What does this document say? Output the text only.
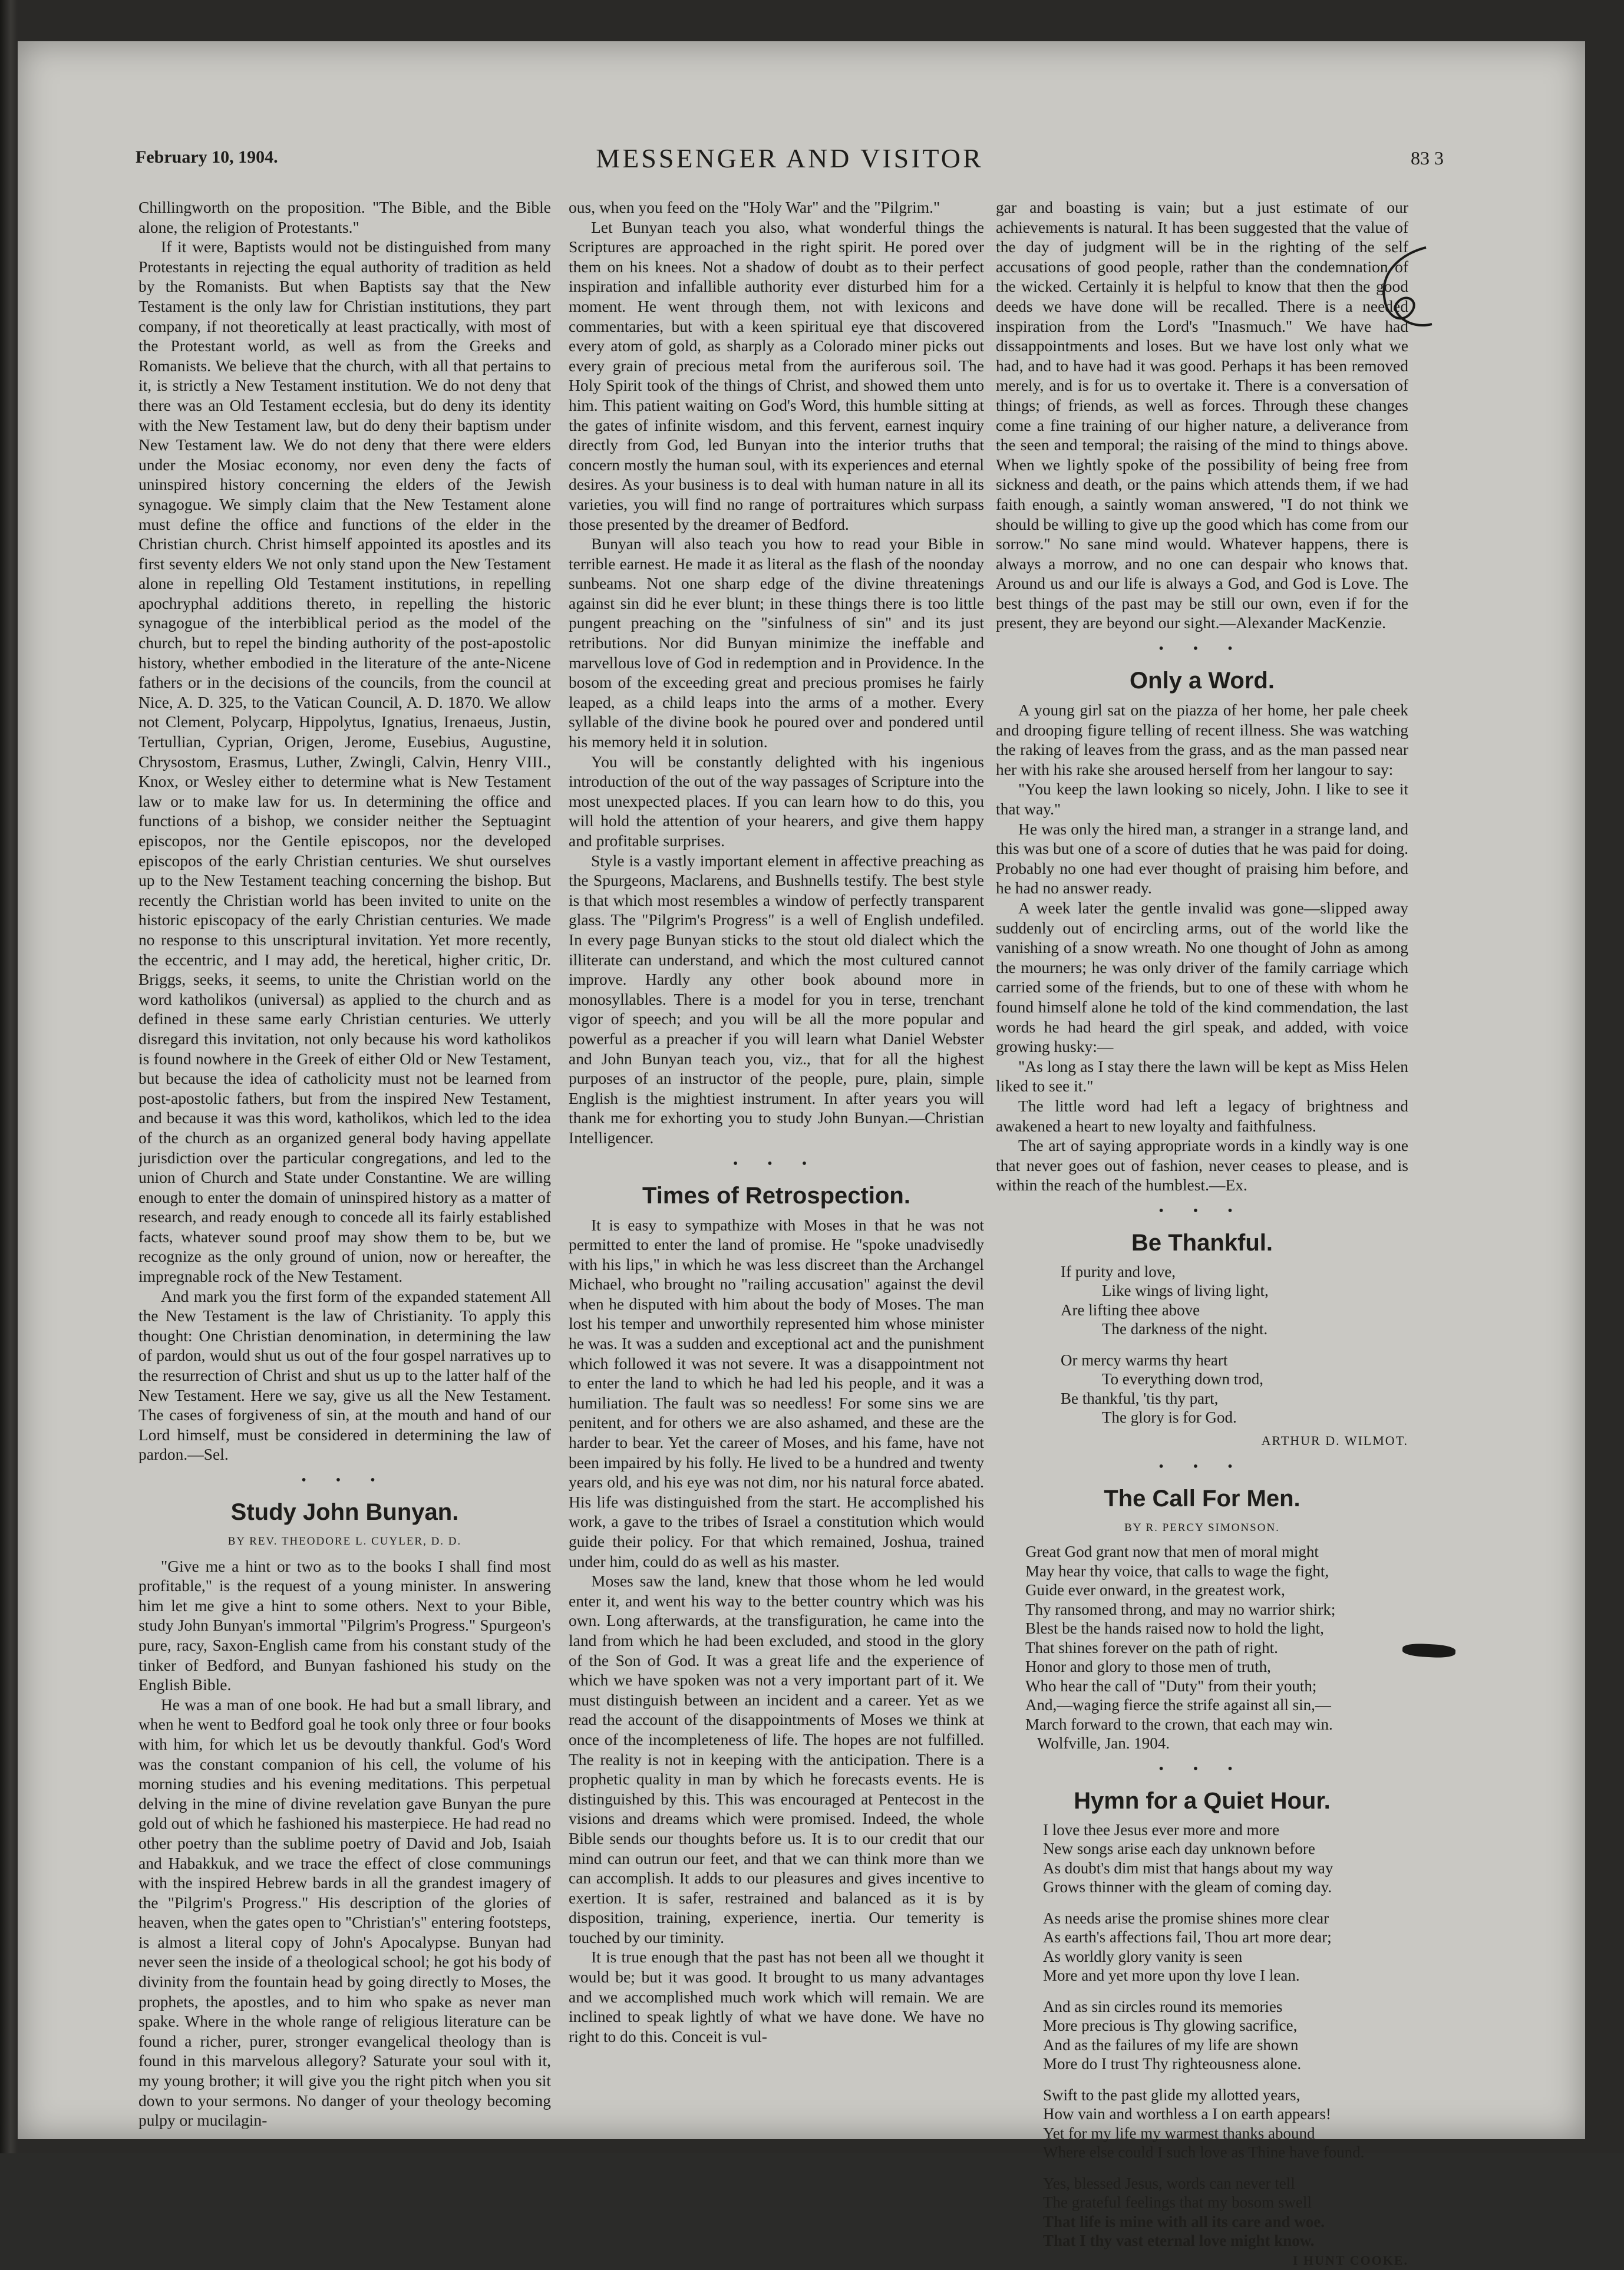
February 10, 1904.	MESSENGER AND VISITOR	83 3

Chillingworth on the proposition. "The Bible, and the Bible alone, the religion of Protestants."

If it were, Baptists would not be distinguished from many Protestants in rejecting the equal authority of tradition as held by the Romanists. But when Baptists say that the New Testament is the only law for Christian institutions, they part company, if not theoretically at least practically, with most of the Protestant world, as well as from the Greeks and Romanists. We believe that the church, with all that pertains to it, is strictly a New Testament institution. We do not deny that there was an Old Testament ecclesia, but do deny its identity with the New Testament law, but do deny their baptism under New Testament law. We do not deny that there were elders under the Mosiac economy, nor even deny the facts of uninspired history concerning the elders of the Jewish synagogue. We simply claim that the New Testament alone must define the office and functions of the elder in the Christian church. Christ himself appointed its apostles and its first seventy elders We not only stand upon the New Testament alone in repelling Old Testament institutions, in repelling apochryphal additions thereto, in repelling the historic synagogue of the interbiblical period as the model of the church, but to repel the binding authority of the post-apostolic history, whether embodied in the literature of the ante-Nicene fathers or in the decisions of the councils, from the council at Nice, A. D. 325, to the Vatican Council, A. D. 1870. We allow not Clement, Polycarp, Hippolytus, Ignatius, Irenaeus, Justin, Tertullian, Cyprian, Origen, Jerome, Eusebius, Augustine, Chrysostom, Erasmus, Luther, Zwingli, Calvin, Henry VIII., Knox, or Wesley either to determine what is New Testament law or to make law for us. In determining the office and functions of a bishop, we consider neither the Septuagint episcopos, nor the Gentile episcopos, nor the developed episcopos of the early Christian centuries. We shut ourselves up to the New Testament teaching concerning the bishop. But recently the Christian world has been invited to unite on the historic episcopacy of the early Christian centuries. We made no response to this unscriptural invitation. Yet more recently, the eccentric, and I may add, the heretical, higher critic, Dr. Briggs, seeks, it seems, to unite the Christian world on the word katholikos (universal) as applied to the church and as defined in these same early Christian centuries. We utterly disregard this invitation, not only because his word katholikos is found nowhere in the Greek of either Old or New Testament, but because the idea of catholicity must not be learned from post-apostolic fathers, but from the inspired New Testament, and because it was this word, katholikos, which led to the idea of the church as an organized general body having appellate jurisdiction over the particular congregations, and led to the union of Church and State under Constantine. We are willing enough to enter the domain of uninspired history as a matter of research, and ready enough to concede all its fairly established facts, whatever sound proof may show them to be, but we recognize as the only ground of union, now or hereafter, the impregnable rock of the New Testament.

And mark you the first form of the expanded statement All the New Testament is the law of Christianity. To apply this thought: One Christian denomination, in determining the law of pardon, would shut us out of the four gospel narratives up to the resurrection of Christ and shut us up to the latter half of the New Testament. Here we say, give us all the New Testament. The cases of forgiveness of sin, at the mouth and hand of our Lord himself, must be considered in determining the law of pardon.—Sel.

• • •
Study John Bunyan.
BY REV. THEODORE L. CUYLER, D. D.

"Give me a hint or two as to the books I shall find most profitable," is the request of a young minister. In answering him let me give a hint to some others. Next to your Bible, study John Bunyan's immortal "Pilgrim's Progress." Spurgeon's pure, racy, Saxon-English came from his constant study of the tinker of Bedford, and Bunyan fashioned his study on the English Bible.

He was a man of one book. He had but a small library, and when he went to Bedford goal he took only three or four books with him, for which let us be devoutly thankful. God's Word was the constant companion of his cell, the volume of his morning studies and his evening meditations. This perpetual delving in the mine of divine revelation gave Bunyan the pure gold out of which he fashioned his masterpiece. He had read no other poetry than the sublime poetry of David and Job, Isaiah and Habakkuk, and we trace the effect of close communings with the inspired Hebrew bards in all the grandest imagery of the "Pilgrim's Progress." His description of the glories of heaven, when the gates open to "Christian's" entering footsteps, is almost a literal copy of John's Apocalypse. Bunyan had never seen the inside of a theological school; he got his body of divinity from the fountain head by going directly to Moses, the prophets, the apostles, and to him who spake as never man spake. Where in the whole range of religious literature can be found a richer, purer, stronger evangelical theology than is found in this marvelous allegory? Saturate your soul with it, my young brother; it will give you the right pitch when you sit down to your sermons. No danger of your theology becoming pulpy or mucilagin-

ous, when you feed on the "Holy War" and the "Pilgrim."

Let Bunyan teach you also, what wonderful things the Scriptures are approached in the right spirit. He pored over them on his knees. Not a shadow of doubt as to their perfect inspiration and infallible authority ever disturbed him for a moment. He went through them, not with lexicons and commentaries, but with a keen spiritual eye that discovered every atom of gold, as sharply as a Colorado miner picks out every grain of precious metal from the auriferous soil. The Holy Spirit took of the things of Christ, and showed them unto him. This patient waiting on God's Word, this humble sitting at the gates of infinite wisdom, and this fervent, earnest inquiry directly from God, led Bunyan into the interior truths that concern mostly the human soul, with its experiences and eternal desires. As your business is to deal with human nature in all its varieties, you will find no range of portraitures which surpass those presented by the dreamer of Bedford.

Bunyan will also teach you how to read your Bible in terrible earnest. He made it as literal as the flash of the noonday sunbeams. Not one sharp edge of the divine threatenings against sin did he ever blunt; in these things there is too little pungent preaching on the "sinfulness of sin" and its just retributions. Nor did Bunyan minimize the ineffable and marvellous love of God in redemption and in Providence. In the bosom of the exceeding great and precious promises he fairly leaped, as a child leaps into the arms of a mother. Every syllable of the divine book he poured over and pondered until his memory held it in solution.

You will be constantly delighted with his ingenious introduction of the out of the way passages of Scripture into the most unexpected places. If you can learn how to do this, you will hold the attention of your hearers, and give them happy and profitable surprises.

Style is a vastly important element in affective preaching as the Spurgeons, Maclarens, and Bushnells testify. The best style is that which most resembles a window of perfectly transparent glass. The "Pilgrim's Progress" is a well of English undefiled. In every page Bunyan sticks to the stout old dialect which the illiterate can understand, and which the most cultured cannot improve. Hardly any other book abound more in monosyllables. There is a model for you in terse, trenchant vigor of speech; and you will be all the more popular and powerful as a preacher if you will learn what Daniel Webster and John Bunyan teach you, viz., that for all the highest purposes of an instructor of the people, pure, plain, simple English is the mightiest instrument. In after years you will thank me for exhorting you to study John Bunyan.—Christian Intelligencer.

• • •
Times of Retrospection.

It is easy to sympathize with Moses in that he was not permitted to enter the land of promise. He "spoke unadvisedly with his lips," in which he was less discreet than the Archangel Michael, who brought no "railing accusation" against the devil when he disputed with him about the body of Moses. The man lost his temper and unworthily represented him whose minister he was. It was a sudden and exceptional act and the punishment which followed it was not severe. It was a disappointment not to enter the land to which he had led his people, and it was a humiliation. The fault was so needless! For some sins we are penitent, and for others we are also ashamed, and these are the harder to bear. Yet the career of Moses, and his fame, have not been impaired by his folly. He lived to be a hundred and twenty years old, and his eye was not dim, nor his natural force abated. His life was distinguished from the start. He accomplished his work, a gave to the tribes of Israel a constitution which would guide their policy. For that which remained, Joshua, trained under him, could do as well as his master.

Moses saw the land, knew that those whom he led would enter it, and went his way to the better country which was his own. Long afterwards, at the transfiguration, he came into the land from which he had been excluded, and stood in the glory of the Son of God. It was a great life and the experience of which we have spoken was not a very important part of it. We must distinguish between an incident and a career. Yet as we read the account of the disappointments of Moses we think at once of the incompleteness of life. The hopes are not fulfilled. The reality is not in keeping with the anticipation. There is a prophetic quality in man by which he forecasts events. He is distinguished by this. This was encouraged at Pentecost in the visions and dreams which were promised. Indeed, the whole Bible sends our thoughts before us. It is to our credit that our mind can outrun our feet, and that we can think more than we can accomplish. It adds to our pleasures and gives incentive to exertion. It is safer, restrained and balanced as it is by disposition, training, experience, inertia. Our temerity is touched by our timinity.

It is true enough that the past has not been all we thought it would be; but it was good. It brought to us many advantages and we accomplished much work which will remain. We are inclined to speak lightly of what we have done. We have no right to do this. Conceit is vul-

gar and boasting is vain; but a just estimate of our achievements is natural. It has been suggested that the value of the day of judgment will be in the righting of the self accusations of good people, rather than the condemnation of the wicked. Certainly it is helpful to know that then the good deeds we have done will be recalled. There is a needed inspiration from the Lord's "Inasmuch." We have had dissappointments and loses. But we have lost only what we had, and to have had it was good. Perhaps it has been removed merely, and is for us to overtake it. There is a conversation of things; of friends, as well as forces. Through these changes come a fine training of our higher nature, a deliverance from the seen and temporal; the raising of the mind to things above. When we lightly spoke of the possibility of being free from sickness and death, or the pains which attends them, if we had faith enough, a saintly woman answered, "I do not think we should be willing to give up the good which has come from our sorrow." No sane mind would. Whatever happens, there is always a morrow, and no one can despair who knows that. Around us and our life is always a God, and God is Love. The best things of the past may be still our own, even if for the present, they are beyond our sight.—Alexander MacKenzie.

• • •
Only a Word.

A young girl sat on the piazza of her home, her pale cheek and drooping figure telling of recent illness. She was watching the raking of leaves from the grass, and as the man passed near her with his rake she aroused herself from her langour to say:

"You keep the lawn looking so nicely, John. I like to see it that way."

He was only the hired man, a stranger in a strange land, and this was but one of a score of duties that he was paid for doing. Probably no one had ever thought of praising him before, and he had no answer ready.

A week later the gentle invalid was gone—slipped away suddenly out of encircling arms, out of the world like the vanishing of a snow wreath. No one thought of John as among the mourners; he was only driver of the family carriage which carried some of the friends, but to one of these with whom he found himself alone he told of the kind commendation, the last words he had heard the girl speak, and added, with voice growing husky:—

"As long as I stay there the lawn will be kept as Miss Helen liked to see it."

The little word had left a legacy of brightness and awakened a heart to new loyalty and faithfulness.

The art of saying appropriate words in a kindly way is one that never goes out of fashion, never ceases to please, and is within the reach of the humblest.—Ex.

• • •
Be Thankful.
If purity and love,
Like wings of living light,
Are lifting thee above
The darkness of the night.
Or mercy warms thy heart
To everything down trod,
Be thankful, 'tis thy part,
The glory is for God.
ARTHUR D. WILMOT.
• • •
The Call For Men.
BY R. PERCY SIMONSON.
Great God grant now that men of moral might
May hear thy voice, that calls to wage the fight,
Guide ever onward, in the greatest work,
Thy ransomed throng, and may no warrior shirk;
Blest be the hands raised now to hold the light,
That shines forever on the path of right.
Honor and glory to those men of truth,
Who hear the call of "Duty" from their youth;
And,—waging fierce the strife against all sin,—
March forward to the crown, that each may win.
Wolfville, Jan. 1904.
• • •
Hymn for a Quiet Hour.
I love thee Jesus ever more and more
New songs arise each day unknown before
As doubt's dim mist that hangs about my way
Grows thinner with the gleam of coming day.
As needs arise the promise shines more clear
As earth's affections fail, Thou art more dear;
As worldly glory vanity is seen
More and yet more upon thy love I lean.
And as sin circles round its memories
More precious is Thy glowing sacrifice,
And as the failures of my life are shown
More do I trust Thy righteousness alone.
Swift to the past glide my allotted years,
How vain and worthless a I on earth appears!
Yet for my life my warmest thanks abound
Where else could I such love as Thine have found.
Yes, blessed Jesus, words can never tell
The grateful feelings that my bosom swell
That life is mine with all its care and woe.
That I thy vast eternal love might know.
I HUNT COOKE.
